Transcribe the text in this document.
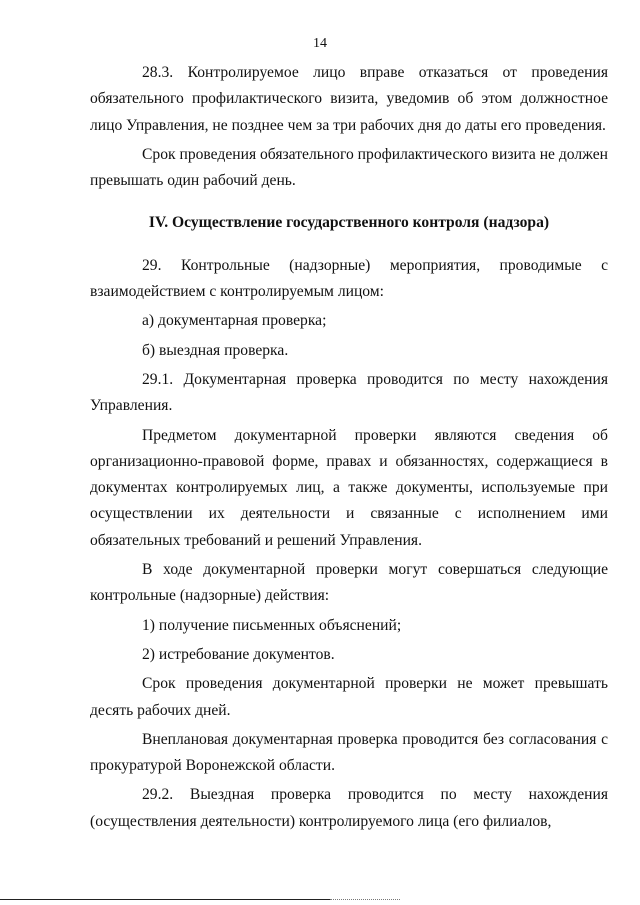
14

28.3. Контролируемое лицо вправе отказаться от проведения обязательного профилактического визита, уведомив об этом должностное лицо Управления, не позднее чем за три рабочих дня до даты его проведения.

Срок проведения обязательного профилактического визита не должен превышать один рабочий день.

IV. Осуществление государственного контроля (надзора)

29. Контрольные (надзорные) мероприятия, проводимые с взаимодействием с контролируемым лицом:

а) документарная проверка;

б) выездная проверка.

29.1. Документарная проверка проводится по месту нахождения Управления.

Предметом документарной проверки являются сведения об организационно-правовой форме, правах и обязанностях, содержащиеся в документах контролируемых лиц, а также документы, используемые при осуществлении их деятельности и связанные с исполнением ими обязательных требований и решений Управления.

В ходе документарной проверки могут совершаться следующие контрольные (надзорные) действия:

1) получение письменных объяснений;

2) истребование документов.

Срок проведения документарной проверки не может превышать десять рабочих дней.

Внеплановая документарная проверка проводится без согласования с прокуратурой Воронежской области.

29.2. Выездная проверка проводится по месту нахождения (осуществления деятельности) контролируемого лица (его филиалов,
